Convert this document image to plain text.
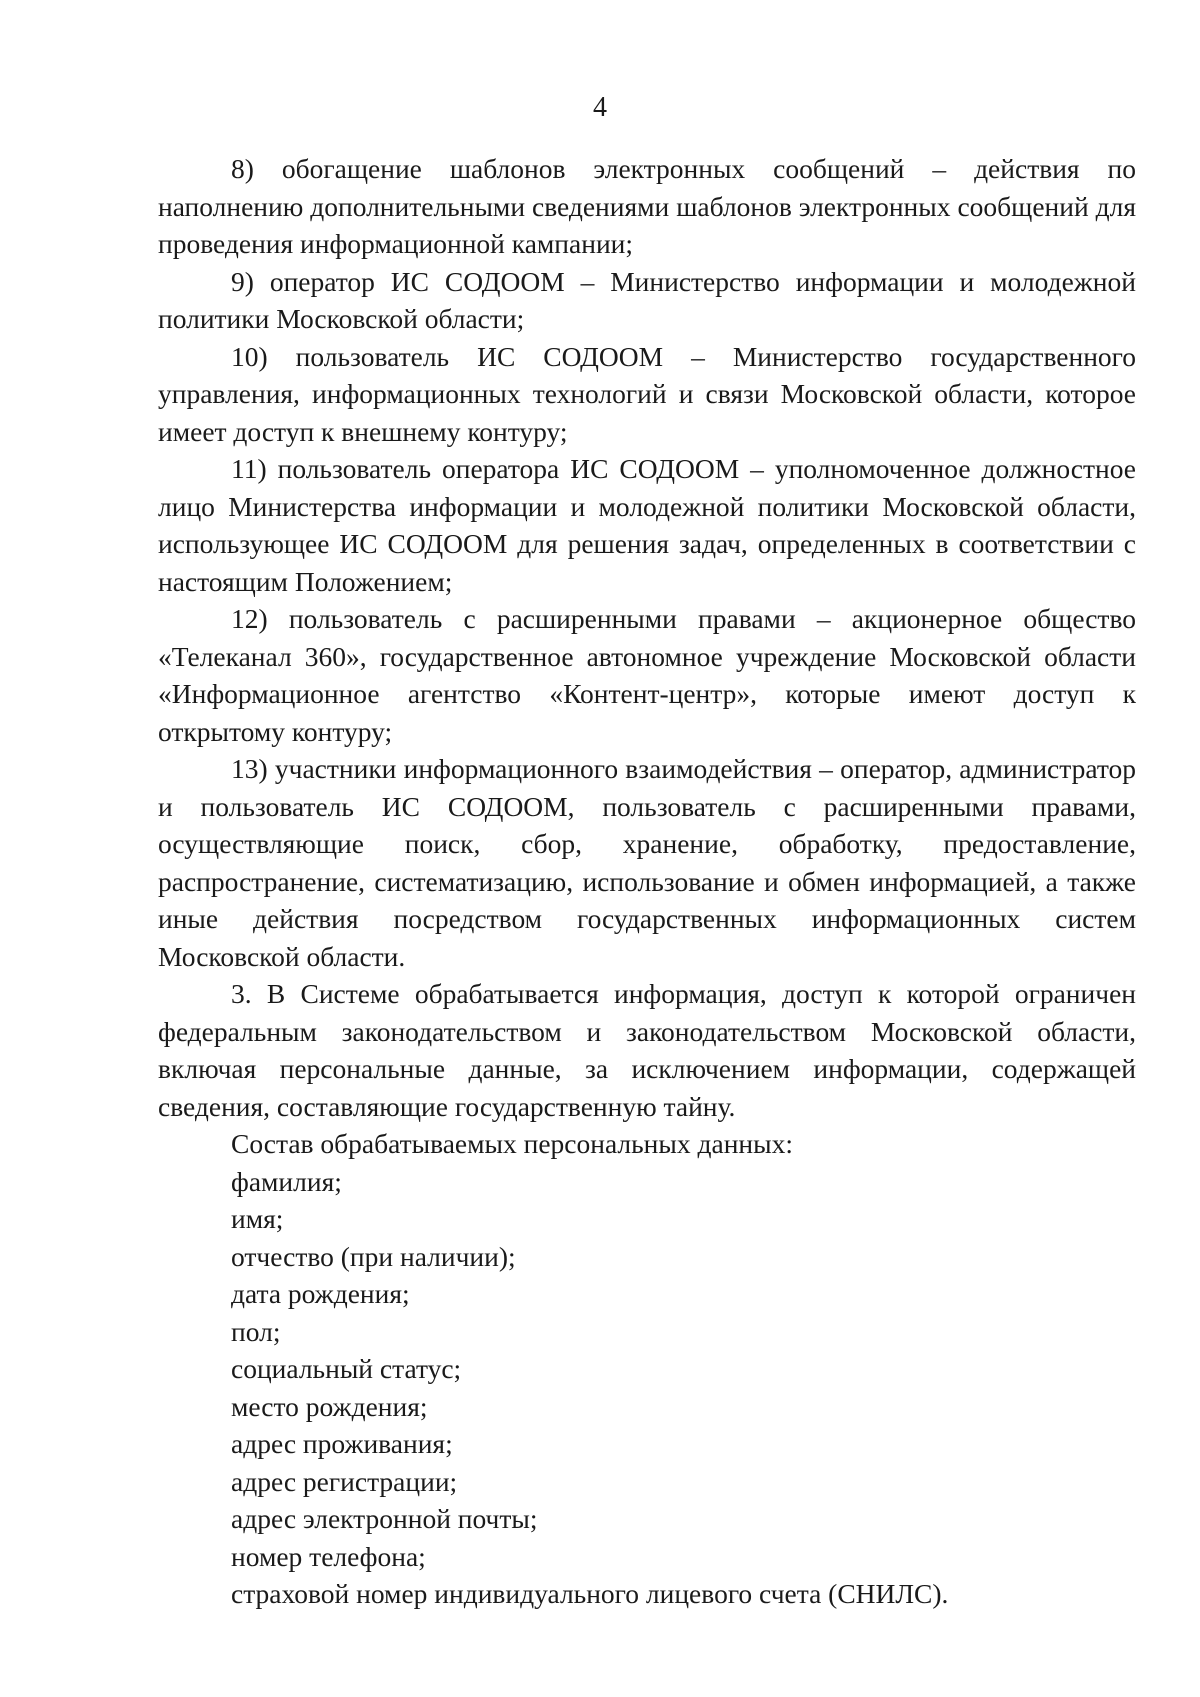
4

8) обогащение шаблонов электронных сообщений – действия по наполнению дополнительными сведениями шаблонов электронных сообщений для проведения информационной кампании;

9) оператор ИС СОДООМ – Министерство информации и молодежной политики Московской области;

10) пользователь ИС СОДООМ – Министерство государственного управления, информационных технологий и связи Московской области, которое имеет доступ к внешнему контуру;

11) пользователь оператора ИС СОДООМ – уполномоченное должностное лицо Министерства информации и молодежной политики Московской области, использующее ИС СОДООМ для решения задач, определенных в соответствии с настоящим Положением;

12) пользователь с расширенными правами – акционерное общество «Телеканал 360», государственное автономное учреждение Московской области «Информационное агентство «Контент-центр», которые имеют доступ к открытому контуру;

13) участники информационного взаимодействия – оператор, администратор и пользователь ИС СОДООМ, пользователь с расширенными правами, осуществляющие поиск, сбор, хранение, обработку, предоставление, распространение, систематизацию, использование и обмен информацией, а также иные действия посредством государственных информационных систем Московской области.

3. В Системе обрабатывается информация, доступ к которой ограничен федеральным законодательством и законодательством Московской области, включая персональные данные, за исключением информации, содержащей сведения, составляющие государственную тайну.

Состав обрабатываемых персональных данных:

фамилия;
имя;
отчество (при наличии);
дата рождения;
пол;
социальный статус;
место рождения;
адрес проживания;
адрес регистрации;
адрес электронной почты;
номер телефона;
страховой номер индивидуального лицевого счета (СНИЛС).
